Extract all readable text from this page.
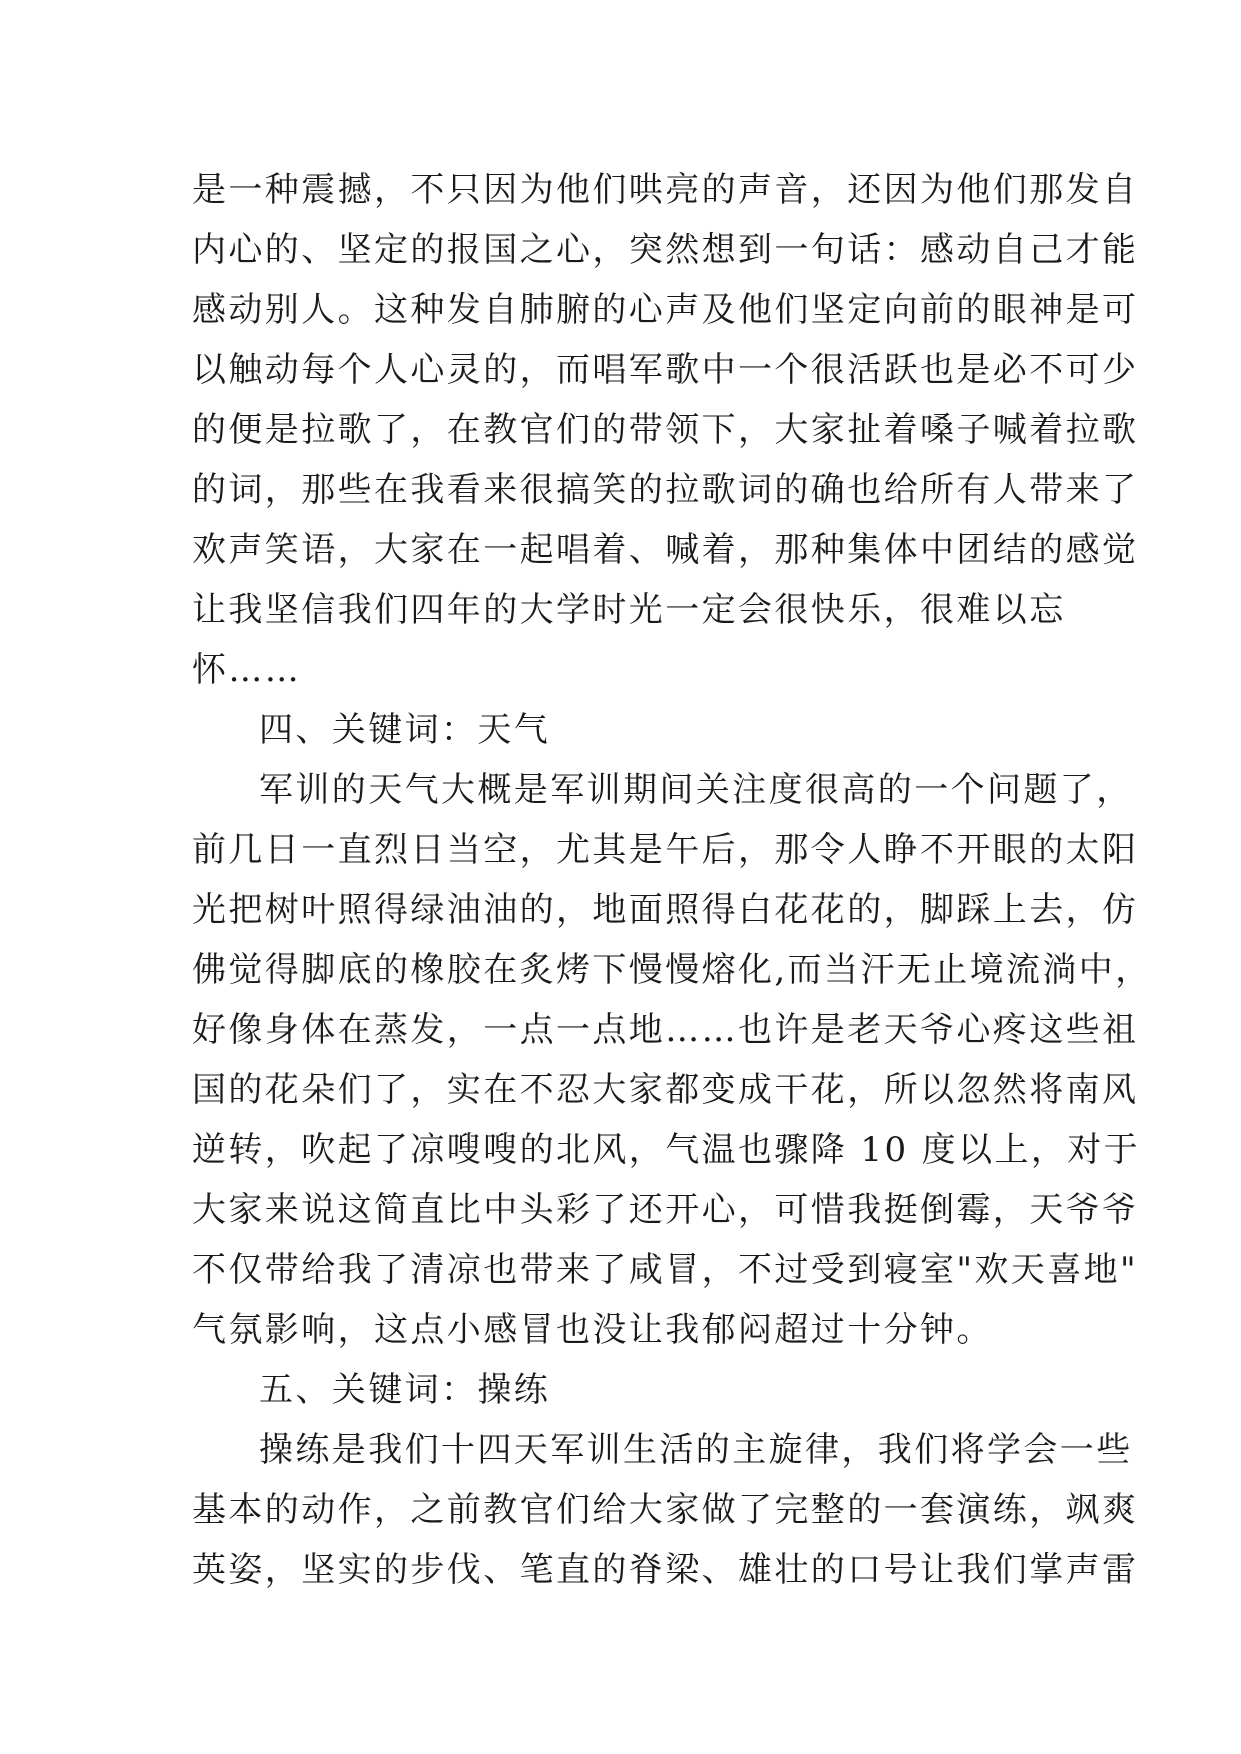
是一种震撼，不只因为他们哄亮的声音，还因为他们那发自
内心的、坚定的报国之心，突然想到一句话：感动自己才能
感动别人。这种发自肺腑的心声及他们坚定向前的眼神是可
以触动每个人心灵的，而唱军歌中一个很活跃也是必不可少
的便是拉歌了，在教官们的带领下，大家扯着嗓子喊着拉歌
的词，那些在我看来很搞笑的拉歌词的确也给所有人带来了
欢声笑语，大家在一起唱着、喊着，那种集体中团结的感觉
让我坚信我们四年的大学时光一定会很快乐，很难以忘
怀……
四、关键词：天气
军训的天气大概是军训期间关注度很高的一个问题了，
前几日一直烈日当空，尤其是午后，那令人睁不开眼的太阳
光把树叶照得绿油油的，地面照得白花花的，脚踩上去，仿
佛觉得脚底的橡胶在炙烤下慢慢熔化,而当汗无止境流淌中，
好像身体在蒸发，一点一点地……也许是老天爷心疼这些祖
国的花朵们了，实在不忍大家都变成干花，所以忽然将南风
逆转，吹起了凉嗖嗖的北风，气温也骤降 10 度以上，对于
大家来说这简直比中头彩了还开心，可惜我挺倒霉，天爷爷
不仅带给我了清凉也带来了咸冒，不过受到寝室"欢天喜地"
气氛影响，这点小感冒也没让我郁闷超过十分钟。
五、关键词：操练
操练是我们十四天军训生活的主旋律，我们将学会一些
基本的动作，之前教官们给大家做了完整的一套演练，飒爽
英姿，坚实的步伐、笔直的脊梁、雄壮的口号让我们掌声雷
